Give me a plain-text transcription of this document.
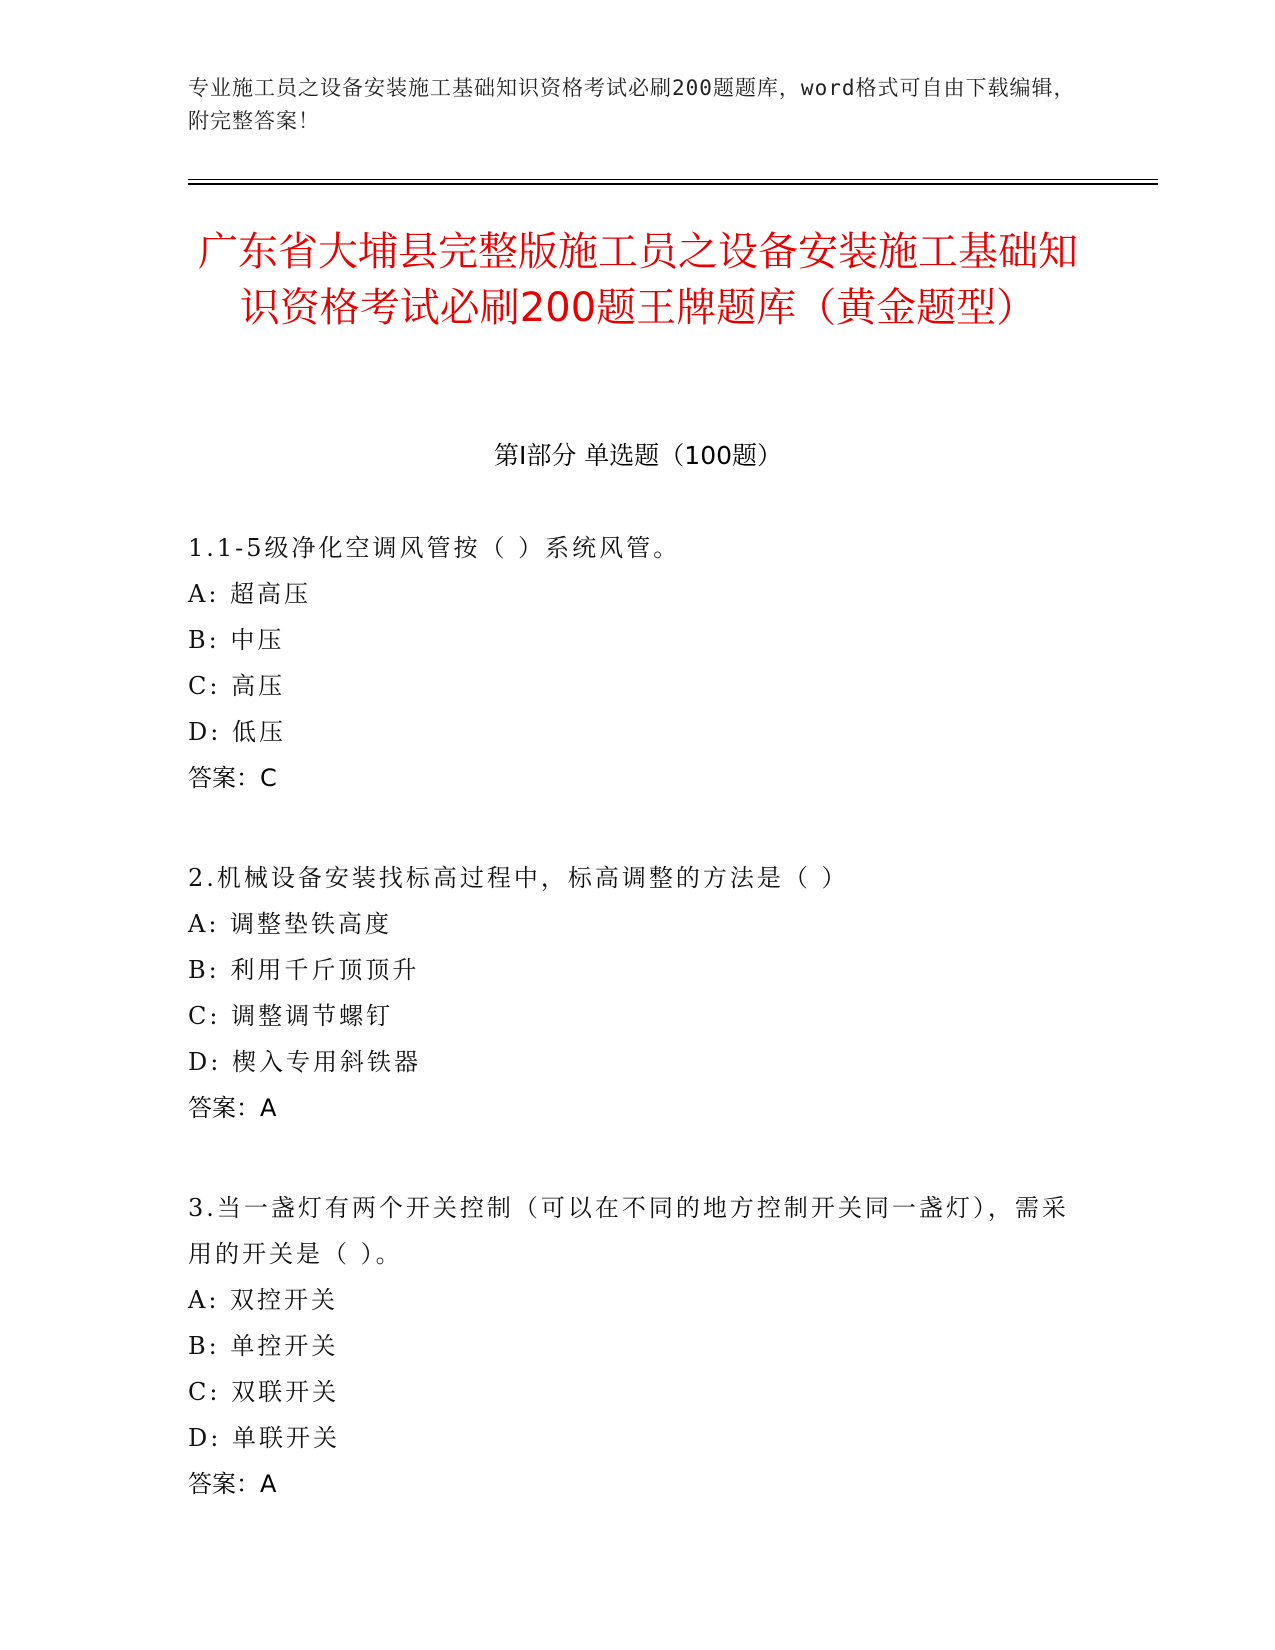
专业施工员之设备安装施工基础知识资格考试必刷200题题库，word格式可自由下载编辑，附完整答案！
广东省大埔县完整版施工员之设备安装施工基础知识资格考试必刷200题王牌题库（黄金题型）
第I部分 单选题（100题）
1.1-5级净化空调风管按（ ）系统风管。
A: 超高压
B: 中压
C: 高压
D: 低压
答案：C
2.机械设备安装找标高过程中，标高调整的方法是（ ）
A: 调整垫铁高度
B: 利用千斤顶顶升
C: 调整调节螺钉
D: 楔入专用斜铁器
答案：A
3.当一盏灯有两个开关控制（可以在不同的地方控制开关同一盏灯），需采用的开关是（ ）。
A: 双控开关
B: 单控开关
C: 双联开关
D: 单联开关
答案：A
